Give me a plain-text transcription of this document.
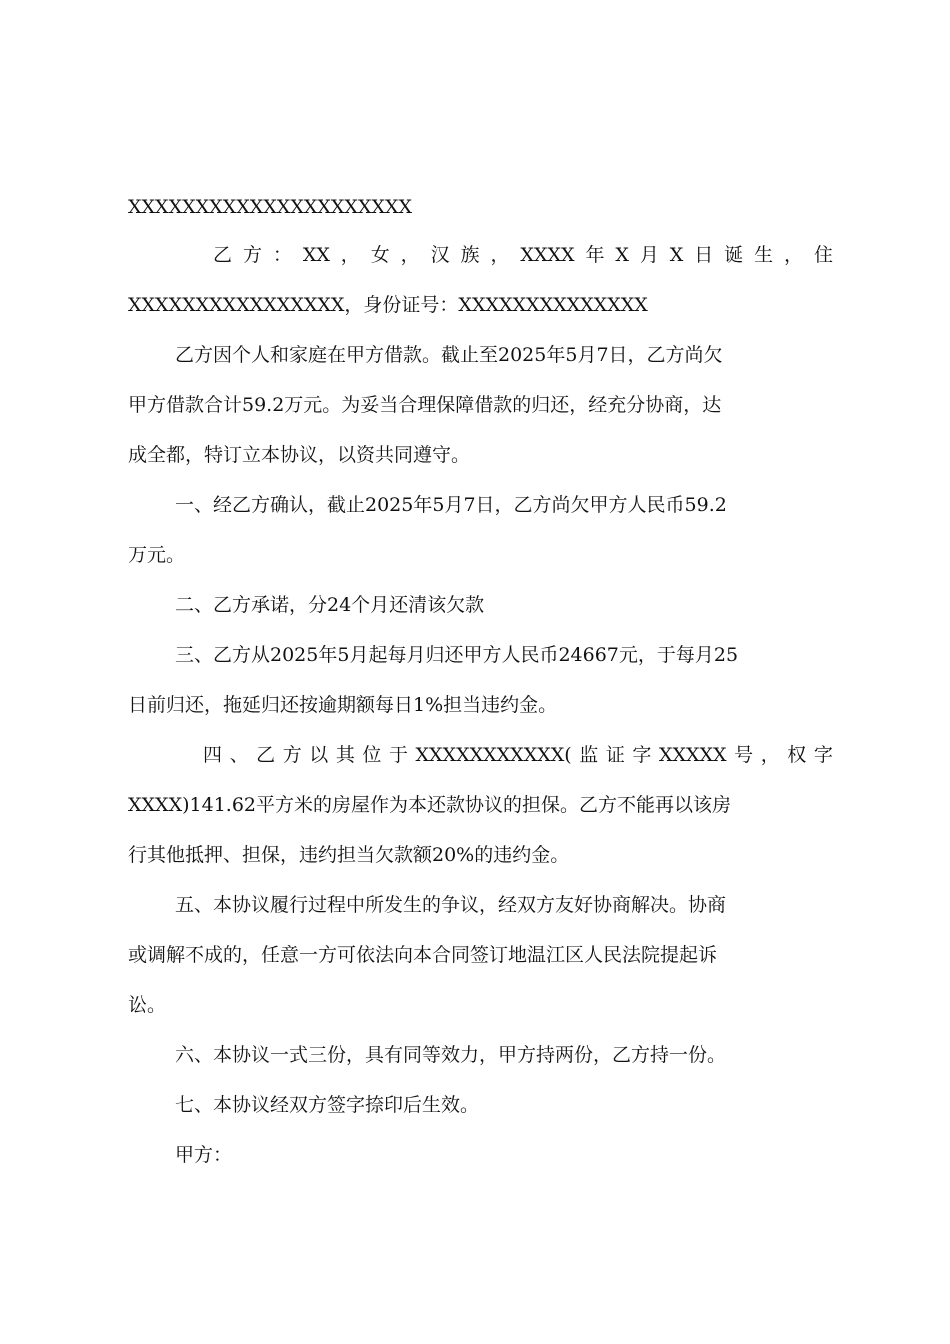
XXXXXXXXXXXXXXXXXXXXX
乙 方 ： XX ， 女 ， 汉 族 ， XXXX 年 X 月 X 日 诞 生 ， 住
XXXXXXXXXXXXXXXX，身份证号：XXXXXXXXXXXXXX
乙方因个人和家庭在甲方借款。截止至2025年5月7日，乙方尚欠
甲方借款合计59.2万元。为妥当合理保障借款的归还，经充分协商，达
成全都，特订立本协议，以资共同遵守。
一、经乙方确认，截止2025年5月7日，乙方尚欠甲方人民币59.2
万元。
二、乙方承诺，分24个月还清该欠款
三、乙方从2025年5月起每月归还甲方人民币24667元，于每月25
日前归还，拖延归还按逾期额每日1%担当违约金。
四 、 乙 方 以 其 位 于 XXXXXXXXXXX( 监 证 字 XXXXX 号 ， 权 字
XXXX)141.62平方米的房屋作为本还款协议的担保。乙方不能再以该房
行其他抵押、担保，违约担当欠款额20%的违约金。
五、本协议履行过程中所发生的争议，经双方友好协商解决。协商
或调解不成的，任意一方可依法向本合同签订地温江区人民法院提起诉
讼。
六、本协议一式三份，具有同等效力，甲方持两份，乙方持一份。
七、本协议经双方签字捺印后生效。
甲方：
